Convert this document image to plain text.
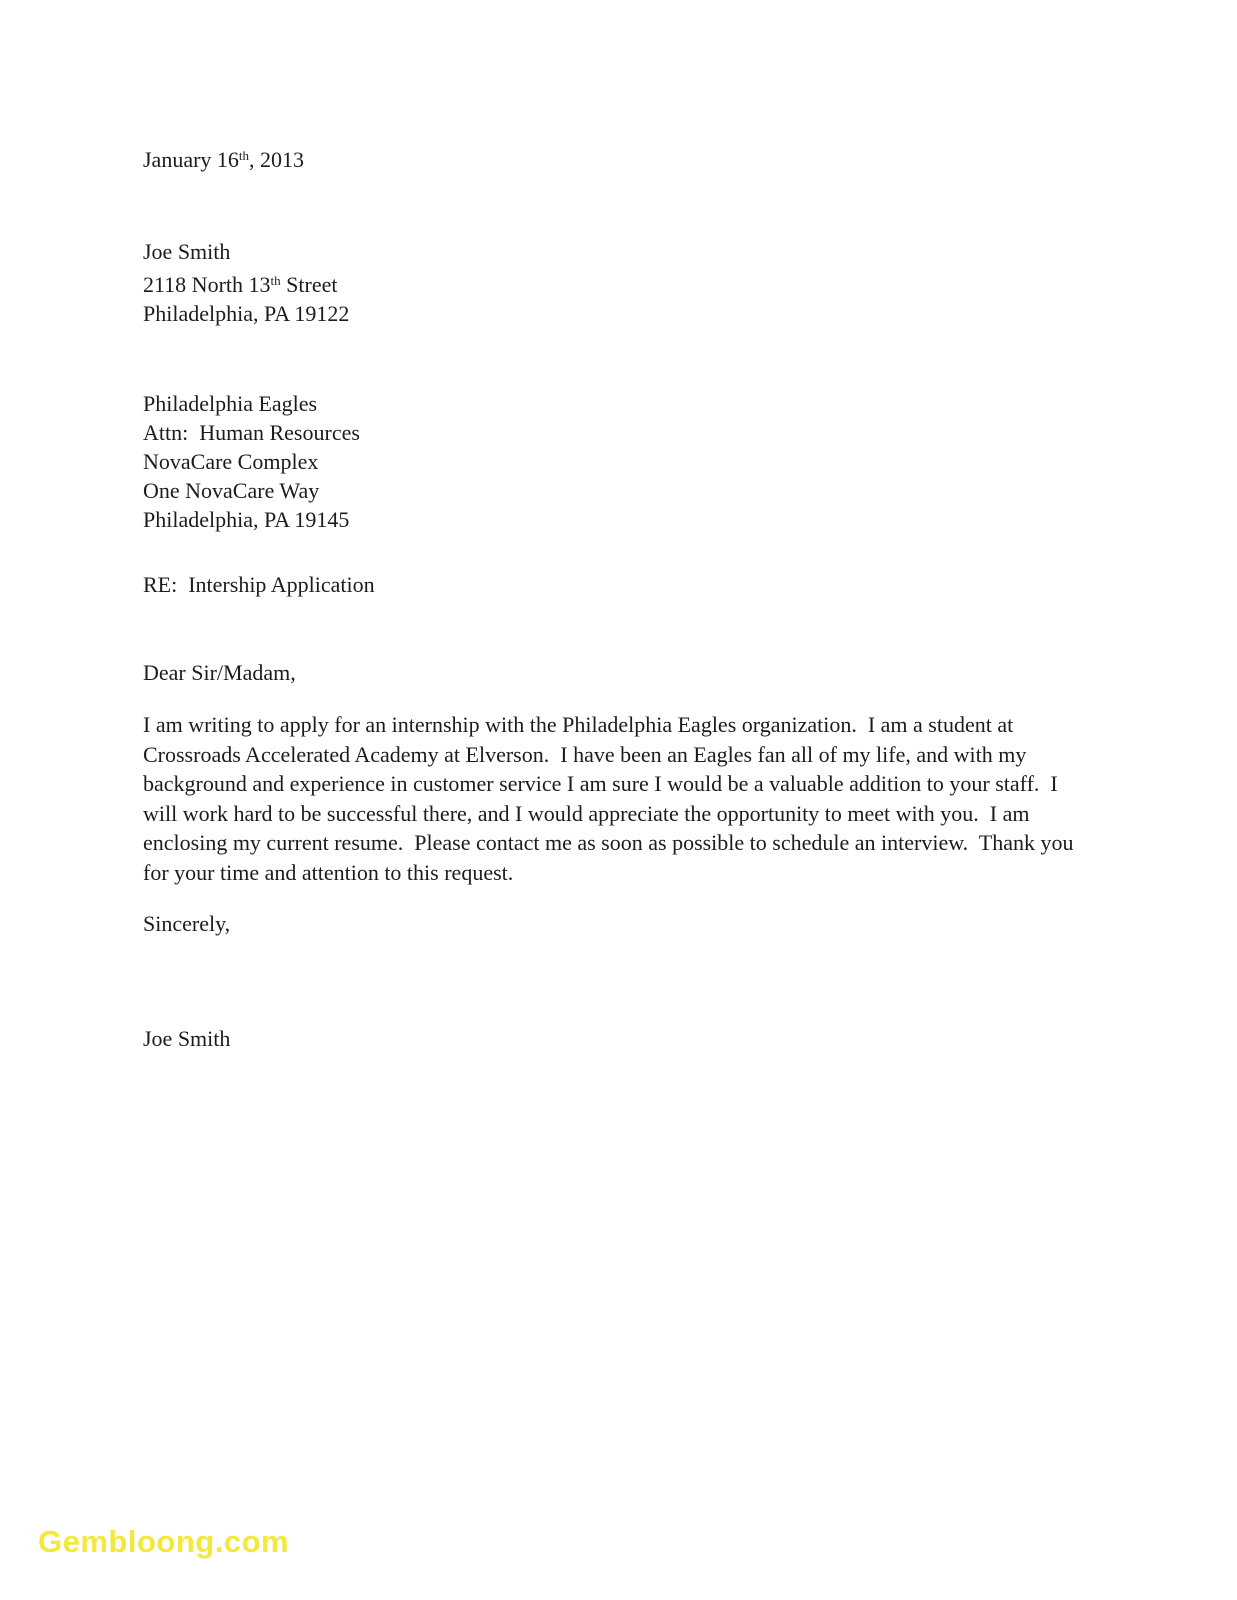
January 16th, 2013
Joe Smith
2118 North 13th Street
Philadelphia, PA 19122
Philadelphia Eagles
Attn:  Human Resources
NovaCare Complex
One NovaCare Way
Philadelphia, PA 19145
RE:  Intership Application
Dear Sir/Madam,
I am writing to apply for an internship with the Philadelphia Eagles organization.  I am a student at Crossroads Accelerated Academy at Elverson.  I have been an Eagles fan all of my life, and with my background and experience in customer service I am sure I would be a valuable addition to your staff.  I will work hard to be successful there, and I would appreciate the opportunity to meet with you.  I am enclosing my current resume.  Please contact me as soon as possible to schedule an interview.  Thank you for your time and attention to this request.
Sincerely,
Joe Smith
Gembloong.com
